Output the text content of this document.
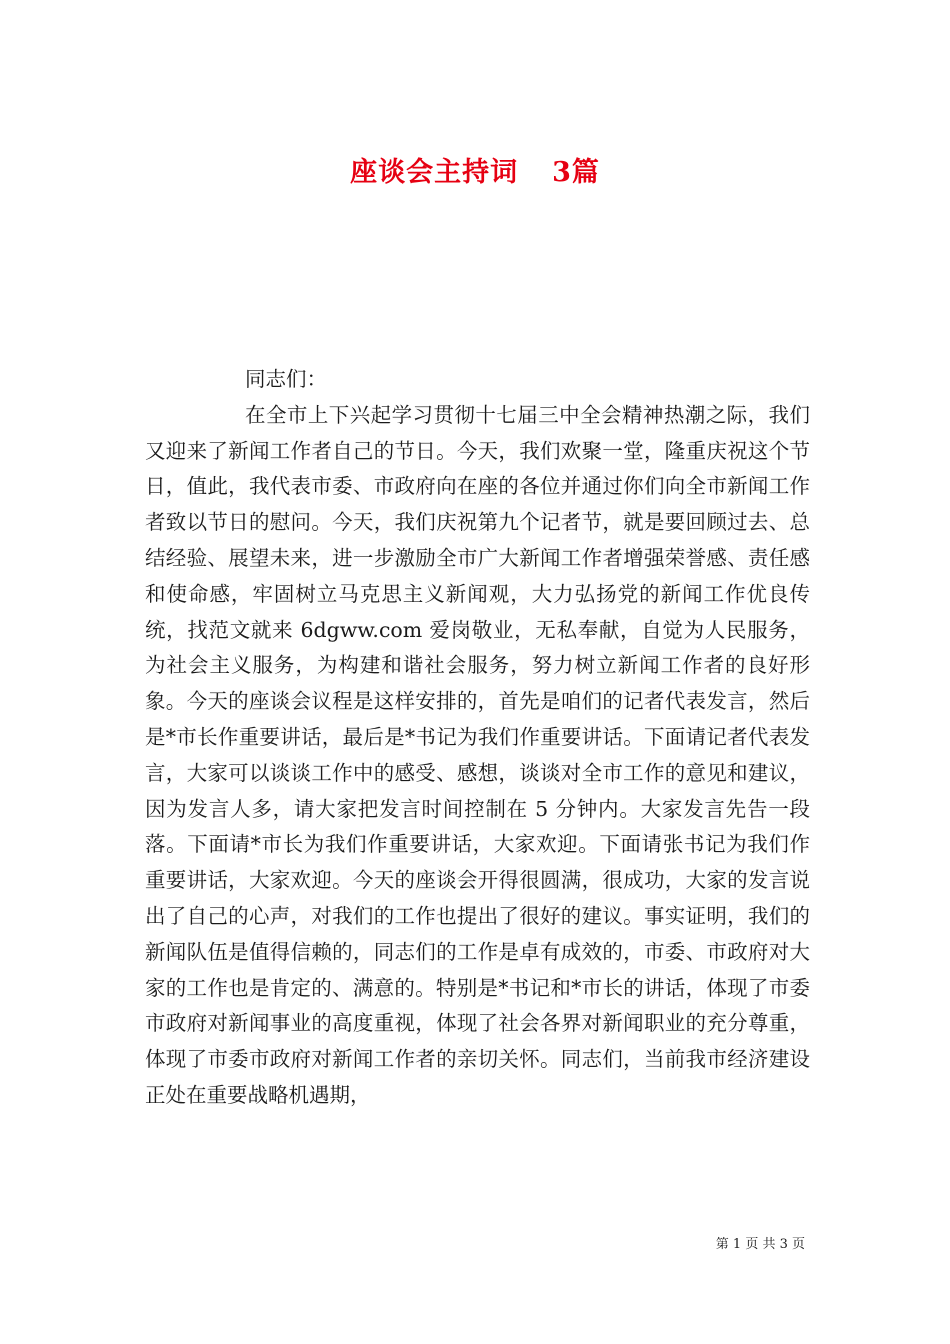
座谈会主持词 3篇

同志们：

在全市上下兴起学习贯彻十七届三中全会精神热潮之际，我们又迎来了新闻工作者自己的节日。今天，我们欢聚一堂，隆重庆祝这个节日，值此，我代表市委、市政府向在座的各位并通过你们向全市新闻工作者致以节日的慰问。今天，我们庆祝第九个记者节，就是要回顾过去、总结经验、展望未来，进一步激励全市广大新闻工作者增强荣誉感、责任感和使命感，牢固树立马克思主义新闻观，大力弘扬党的新闻工作优良传统，找范文就来 6dgww.com 爱岗敬业，无私奉献，自觉为人民服务，为社会主义服务，为构建和谐社会服务，努力树立新闻工作者的良好形象。今天的座谈会议程是这样安排的，首先是咱们的记者代表发言，然后是*市长作重要讲话，最后是*书记为我们作重要讲话。下面请记者代表发言，大家可以谈谈工作中的感受、感想，谈谈对全市工作的意见和建议，因为发言人多，请大家把发言时间控制在 5 分钟内。大家发言先告一段落。下面请*市长为我们作重要讲话，大家欢迎。下面请张书记为我们作重要讲话，大家欢迎。今天的座谈会开得很圆满，很成功，大家的发言说出了自己的心声，对我们的工作也提出了很好的建议。事实证明，我们的新闻队伍是值得信赖的，同志们的工作是卓有成效的，市委、市政府对大家的工作也是肯定的、满意的。特别是*书记和*市长的讲话，体现了市委市政府对新闻事业的高度重视，体现了社会各界对新闻职业的充分尊重，体现了市委市政府对新闻工作者的亲切关怀。同志们，当前我市经济建设正处在重要战略机遇期，

第 1 页 共 3 页
